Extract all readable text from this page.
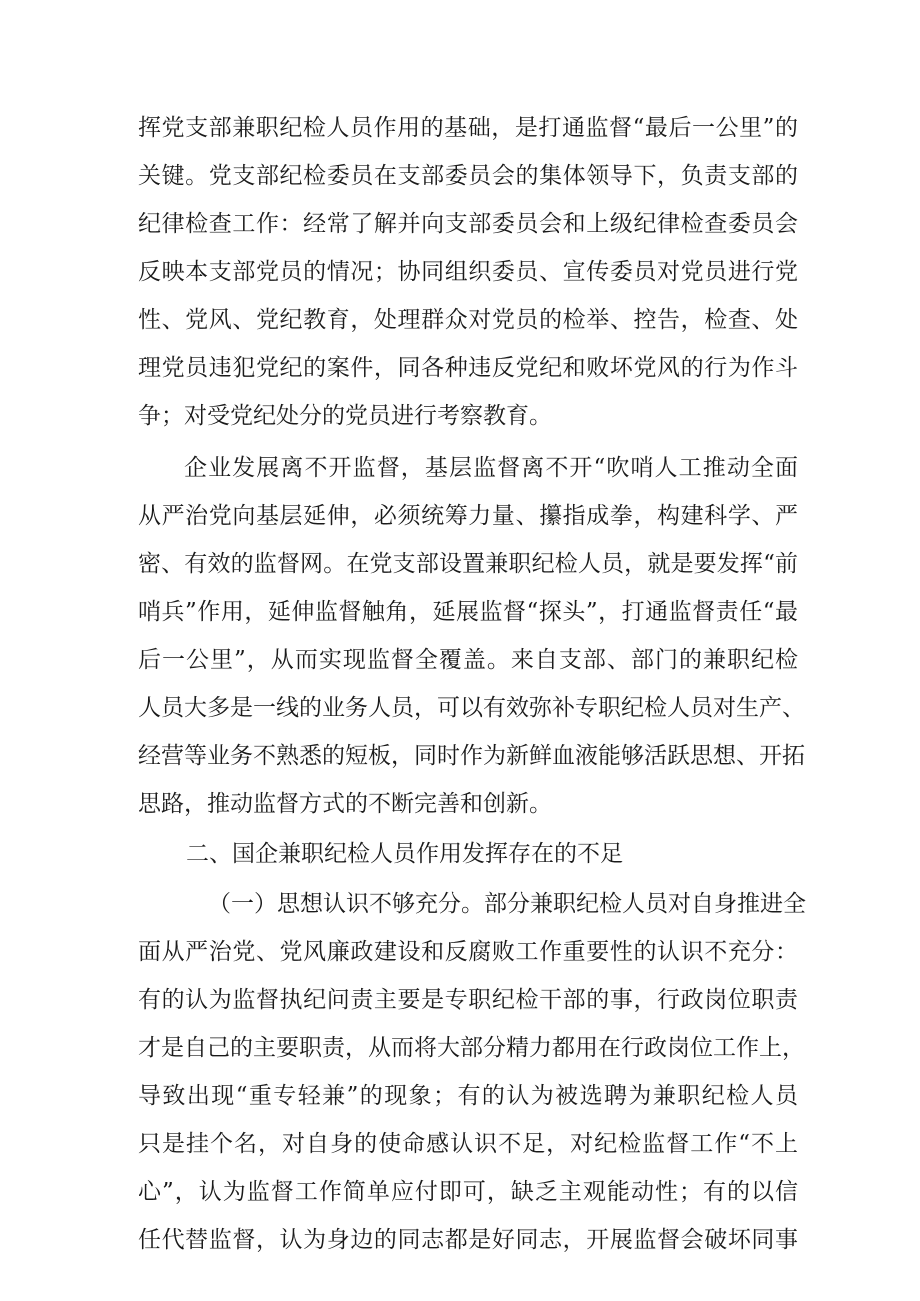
挥党支部兼职纪检人员作用的基础，是打通监督“最后一公里”的
关键。党支部纪检委员在支部委员会的集体领导下，负责支部的
纪律检查工作：经常了解并向支部委员会和上级纪律检查委员会
反映本支部党员的情况；协同组织委员、宣传委员对党员进行党
性、党风、党纪教育，处理群众对党员的检举、控告，检查、处
理党员违犯党纪的案件，同各种违反党纪和败坏党风的行为作斗
争；对受党纪处分的党员进行考察教育。
企业发展离不开监督，基层监督离不开“吹哨人工推动全面
从严治党向基层延伸，必须统筹力量、攥指成拳，构建科学、严
密、有效的监督网。在党支部设置兼职纪检人员，就是要发挥“前
哨兵”作用，延伸监督触角，延展监督“探头”，打通监督责任“最
后一公里”，从而实现监督全覆盖。来自支部、部门的兼职纪检
人员大多是一线的业务人员，可以有效弥补专职纪检人员对生产、
经营等业务不熟悉的短板，同时作为新鲜血液能够活跃思想、开拓
思路，推动监督方式的不断完善和创新。
二、国企兼职纪检人员作用发挥存在的不足
（一）思想认识不够充分。部分兼职纪检人员对自身推进全
面从严治党、党风廉政建设和反腐败工作重要性的认识不充分：
有的认为监督执纪问责主要是专职纪检干部的事，行政岗位职责
才是自己的主要职责，从而将大部分精力都用在行政岗位工作上，
导致出现“重专轻兼”的现象；有的认为被选聘为兼职纪检人员
只是挂个名，对自身的使命感认识不足，对纪检监督工作“不上
心”，认为监督工作简单应付即可，缺乏主观能动性；有的以信
任代替监督，认为身边的同志都是好同志，开展监督会破坏同事
